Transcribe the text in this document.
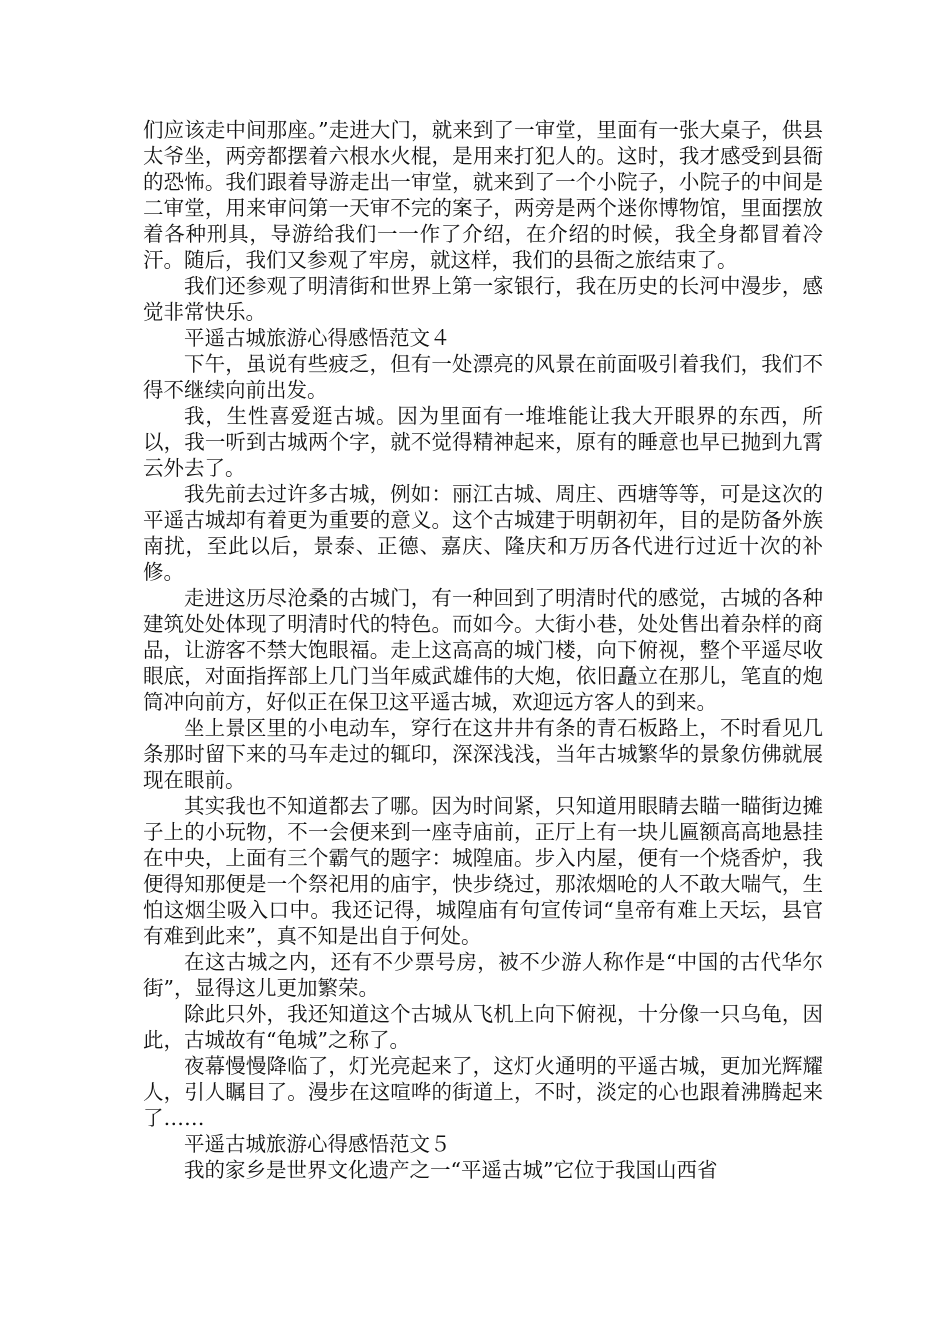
们应该走中间那座。”走进大门，就来到了一审堂，里面有一张大桌子，供县太爷坐，两旁都摆着六根水火棍，是用来打犯人的。这时，我才感受到县衙的恐怖。我们跟着导游走出一审堂，就来到了一个小院子，小院子的中间是二审堂，用来审问第一天审不完的案子，两旁是两个迷你博物馆，里面摆放着各种刑具，导游给我们一一作了介绍，在介绍的时候，我全身都冒着冷汗。随后，我们又参观了牢房，就这样，我们的县衙之旅结束了。

我们还参观了明清街和世界上第一家银行，我在历史的长河中漫步，感觉非常快乐。

平遥古城旅游心得感悟范文４

下午，虽说有些疲乏，但有一处漂亮的风景在前面吸引着我们，我们不得不继续向前出发。

我，生性喜爱逛古城。因为里面有一堆堆能让我大开眼界的东西，所以，我一听到古城两个字，就不觉得精神起来，原有的睡意也早已抛到九霄云外去了。

我先前去过许多古城，例如：丽江古城、周庄、西塘等等，可是这次的平遥古城却有着更为重要的意义。这个古城建于明朝初年，目的是防备外族南扰，至此以后，景泰、正德、嘉庆、隆庆和万历各代进行过近十次的补修。

走进这历尽沧桑的古城门，有一种回到了明清时代的感觉，古城的各种建筑处处体现了明清时代的特色。而如今。大街小巷，处处售出着杂样的商品，让游客不禁大饱眼福。走上这高高的城门楼，向下俯视，整个平遥尽收眼底，对面指挥部上几门当年威武雄伟的大炮，依旧矗立在那儿，笔直的炮筒冲向前方，好似正在保卫这平遥古城，欢迎远方客人的到来。

坐上景区里的小电动车，穿行在这井井有条的青石板路上，不时看见几条那时留下来的马车走过的辄印，深深浅浅，当年古城繁华的景象仿佛就展现在眼前。

其实我也不知道都去了哪。因为时间紧，只知道用眼睛去瞄一瞄街边摊子上的小玩物，不一会便来到一座寺庙前，正厅上有一块儿匾额高高地悬挂在中央，上面有三个霸气的题字：城隍庙。步入内屋，便有一个烧香炉，我便得知那便是一个祭祀用的庙宇，快步绕过，那浓烟呛的人不敢大喘气，生怕这烟尘吸入口中。我还记得，城隍庙有句宣传词“皇帝有难上天坛，县官有难到此来”，真不知是出自于何处。

在这古城之内，还有不少票号房，被不少游人称作是“中国的古代华尔街”，显得这儿更加繁荣。

除此只外，我还知道这个古城从飞机上向下俯视，十分像一只乌龟，因此，古城故有“龟城”之称了。

夜幕慢慢降临了，灯光亮起来了，这灯火通明的平遥古城，更加光辉耀人，引人瞩目了。漫步在这喧哗的街道上，不时，淡定的心也跟着沸腾起来了……

平遥古城旅游心得感悟范文５

我的家乡是世界文化遗产之一“平遥古城”它位于我国山西省
